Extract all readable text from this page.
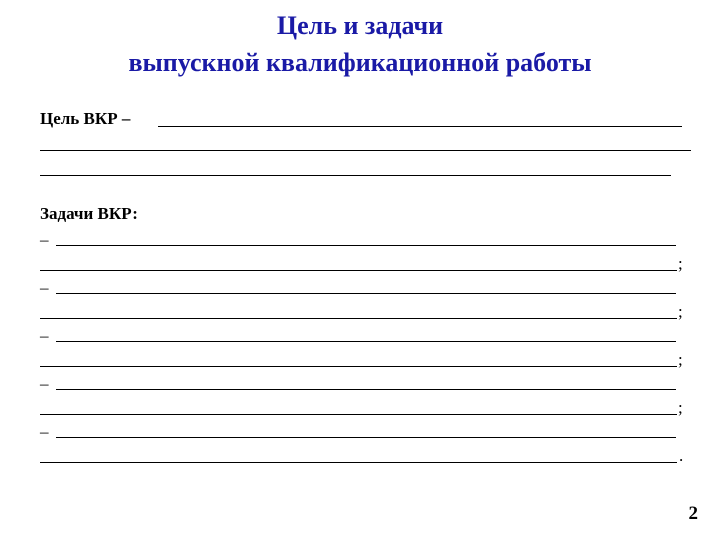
Цель и задачи
выпускной квалификационной работы
Цель ВКР –
Задачи ВКР:
–
;
–
;
–
;
–
;
–
.
2
